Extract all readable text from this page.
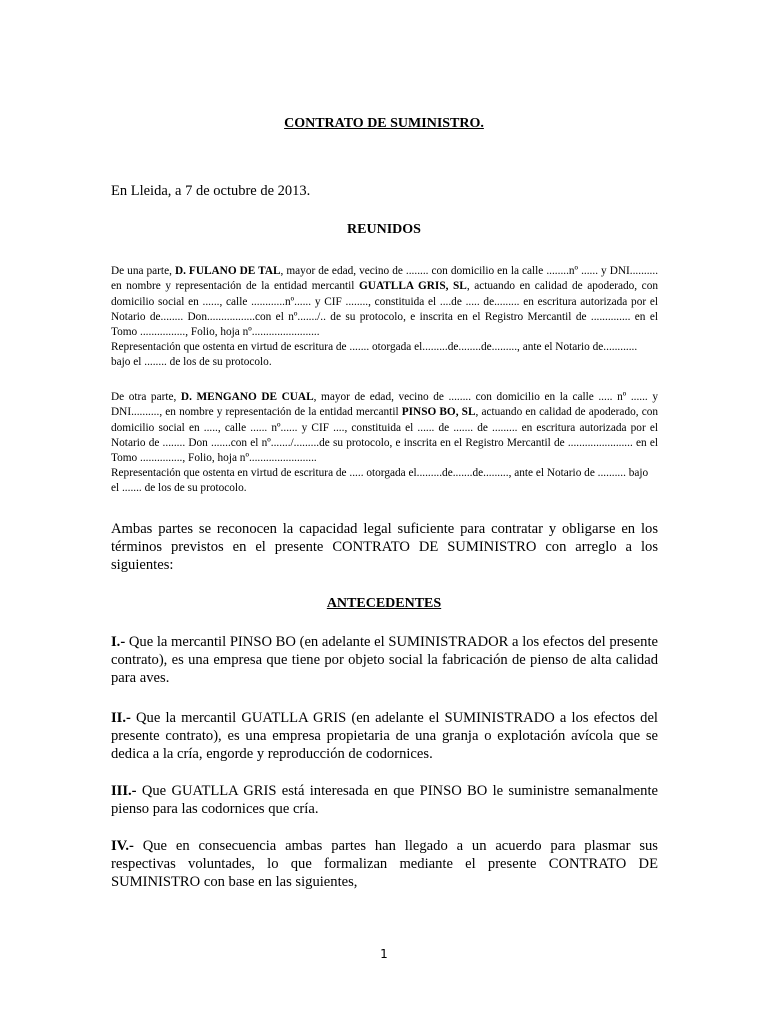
CONTRATO DE SUMINISTRO.
En Lleida, a 7 de octubre de 2013.
REUNIDOS

De una parte, D. FULANO DE TAL, mayor de edad, vecino de ........ con domicilio en la calle ........nº ...... y DNI.......... en nombre y representación de la entidad mercantil GUATLLA GRIS, SL, actuando en calidad de apoderado, con domicilio social en ......, calle ............nº...... y CIF ........, constituida el ....de ..... de......... en escritura autorizada por el Notario de........ Don.................con el nº......./.. de su protocolo, e inscrita en el Registro Mercantil de .............. en el Tomo ................, Folio, hoja nº........................

Representación que ostenta en virtud de escritura de ....... otorgada el.........de........de........., ante el Notario de............ bajo el ........ de los de su protocolo.

De otra parte, D. MENGANO DE CUAL, mayor de edad, vecino de ........ con domicilio en la calle ..... nº ...... y DNI.........., en nombre y representación de la entidad mercantil PINSO BO, SL, actuando en calidad de apoderado, con domicilio social en ....., calle ...... nº...... y CIF ...., constituida el ...... de ....... de ......... en escritura autorizada por el Notario de ........ Don .......con el nº......./.........de su protocolo, e inscrita en el Registro Mercantil de ....................... en el Tomo ..............., Folio, hoja nº........................

Representación que ostenta en virtud de escritura de ..... otorgada el.........de.......de........., ante el Notario de .......... bajo el ....... de los de su protocolo.

Ambas partes se reconocen la capacidad legal suficiente para contratar y obligarse en los términos previstos en el presente CONTRATO DE SUMINISTRO con arreglo a los siguientes:

ANTECEDENTES

I.- Que la mercantil PINSO BO (en adelante el SUMINISTRADOR a los efectos del presente contrato), es una empresa que tiene por objeto social la fabricación de pienso de alta calidad para aves.

II.- Que la mercantil GUATLLA GRIS (en adelante el SUMINISTRADO a los efectos del presente contrato), es una empresa propietaria de una granja o explotación avícola que se dedica a la cría, engorde y reproducción de codornices.

III.- Que GUATLLA GRIS está interesada en que PINSO BO le suministre semanalmente pienso para las codornices que cría.

IV.- Que en consecuencia ambas partes han llegado a un acuerdo para plasmar sus respectivas voluntades, lo que formalizan mediante el presente CONTRATO DE SUMINISTRO con base en las siguientes,

1
